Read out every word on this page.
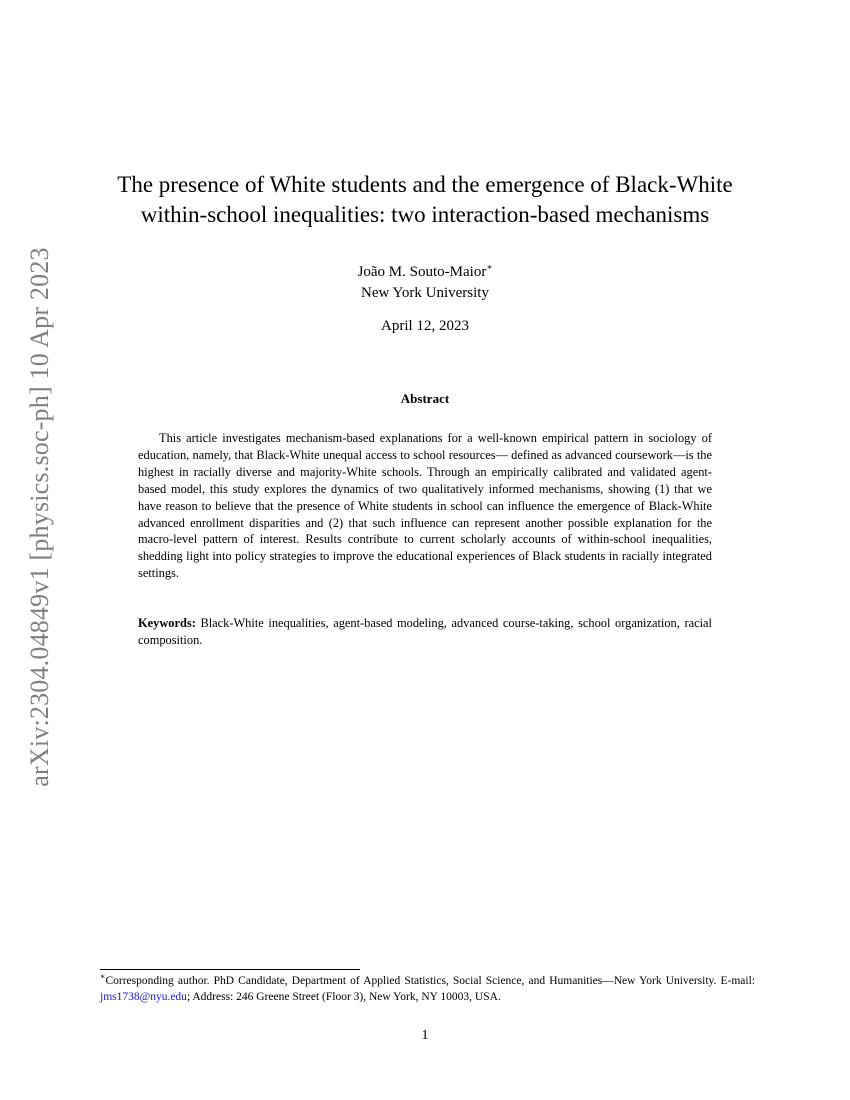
arXiv:2304.04849v1 [physics.soc-ph] 10 Apr 2023
The presence of White students and the emergence of Black-White
within-school inequalities: two interaction-based mechanisms
João M. Souto-Maior∗
New York University
April 12, 2023
Abstract

This article investigates mechanism-based explanations for a well-known empirical pattern in sociology of education, namely, that Black-White unequal access to school resources— defined as advanced coursework—is the highest in racially diverse and majority-White schools. Through an empirically calibrated and validated agent-based model, this study explores the dynamics of two qualitatively informed mechanisms, showing (1) that we have reason to believe that the presence of White students in school can influence the emergence of Black-White advanced enrollment disparities and (2) that such influence can represent another possible explanation for the macro-level pattern of interest. Results contribute to current scholarly accounts of within-school inequalities, shedding light into policy strategies to improve the educational experiences of Black students in racially integrated settings.

Keywords: Black-White inequalities, agent-based modeling, advanced course-taking, school organization, racial composition.

∗Corresponding author. PhD Candidate, Department of Applied Statistics, Social Science, and Humanities—New York University. E-mail: jms1738@nyu.edu; Address: 246 Greene Street (Floor 3), New York, NY 10003, USA.

1
